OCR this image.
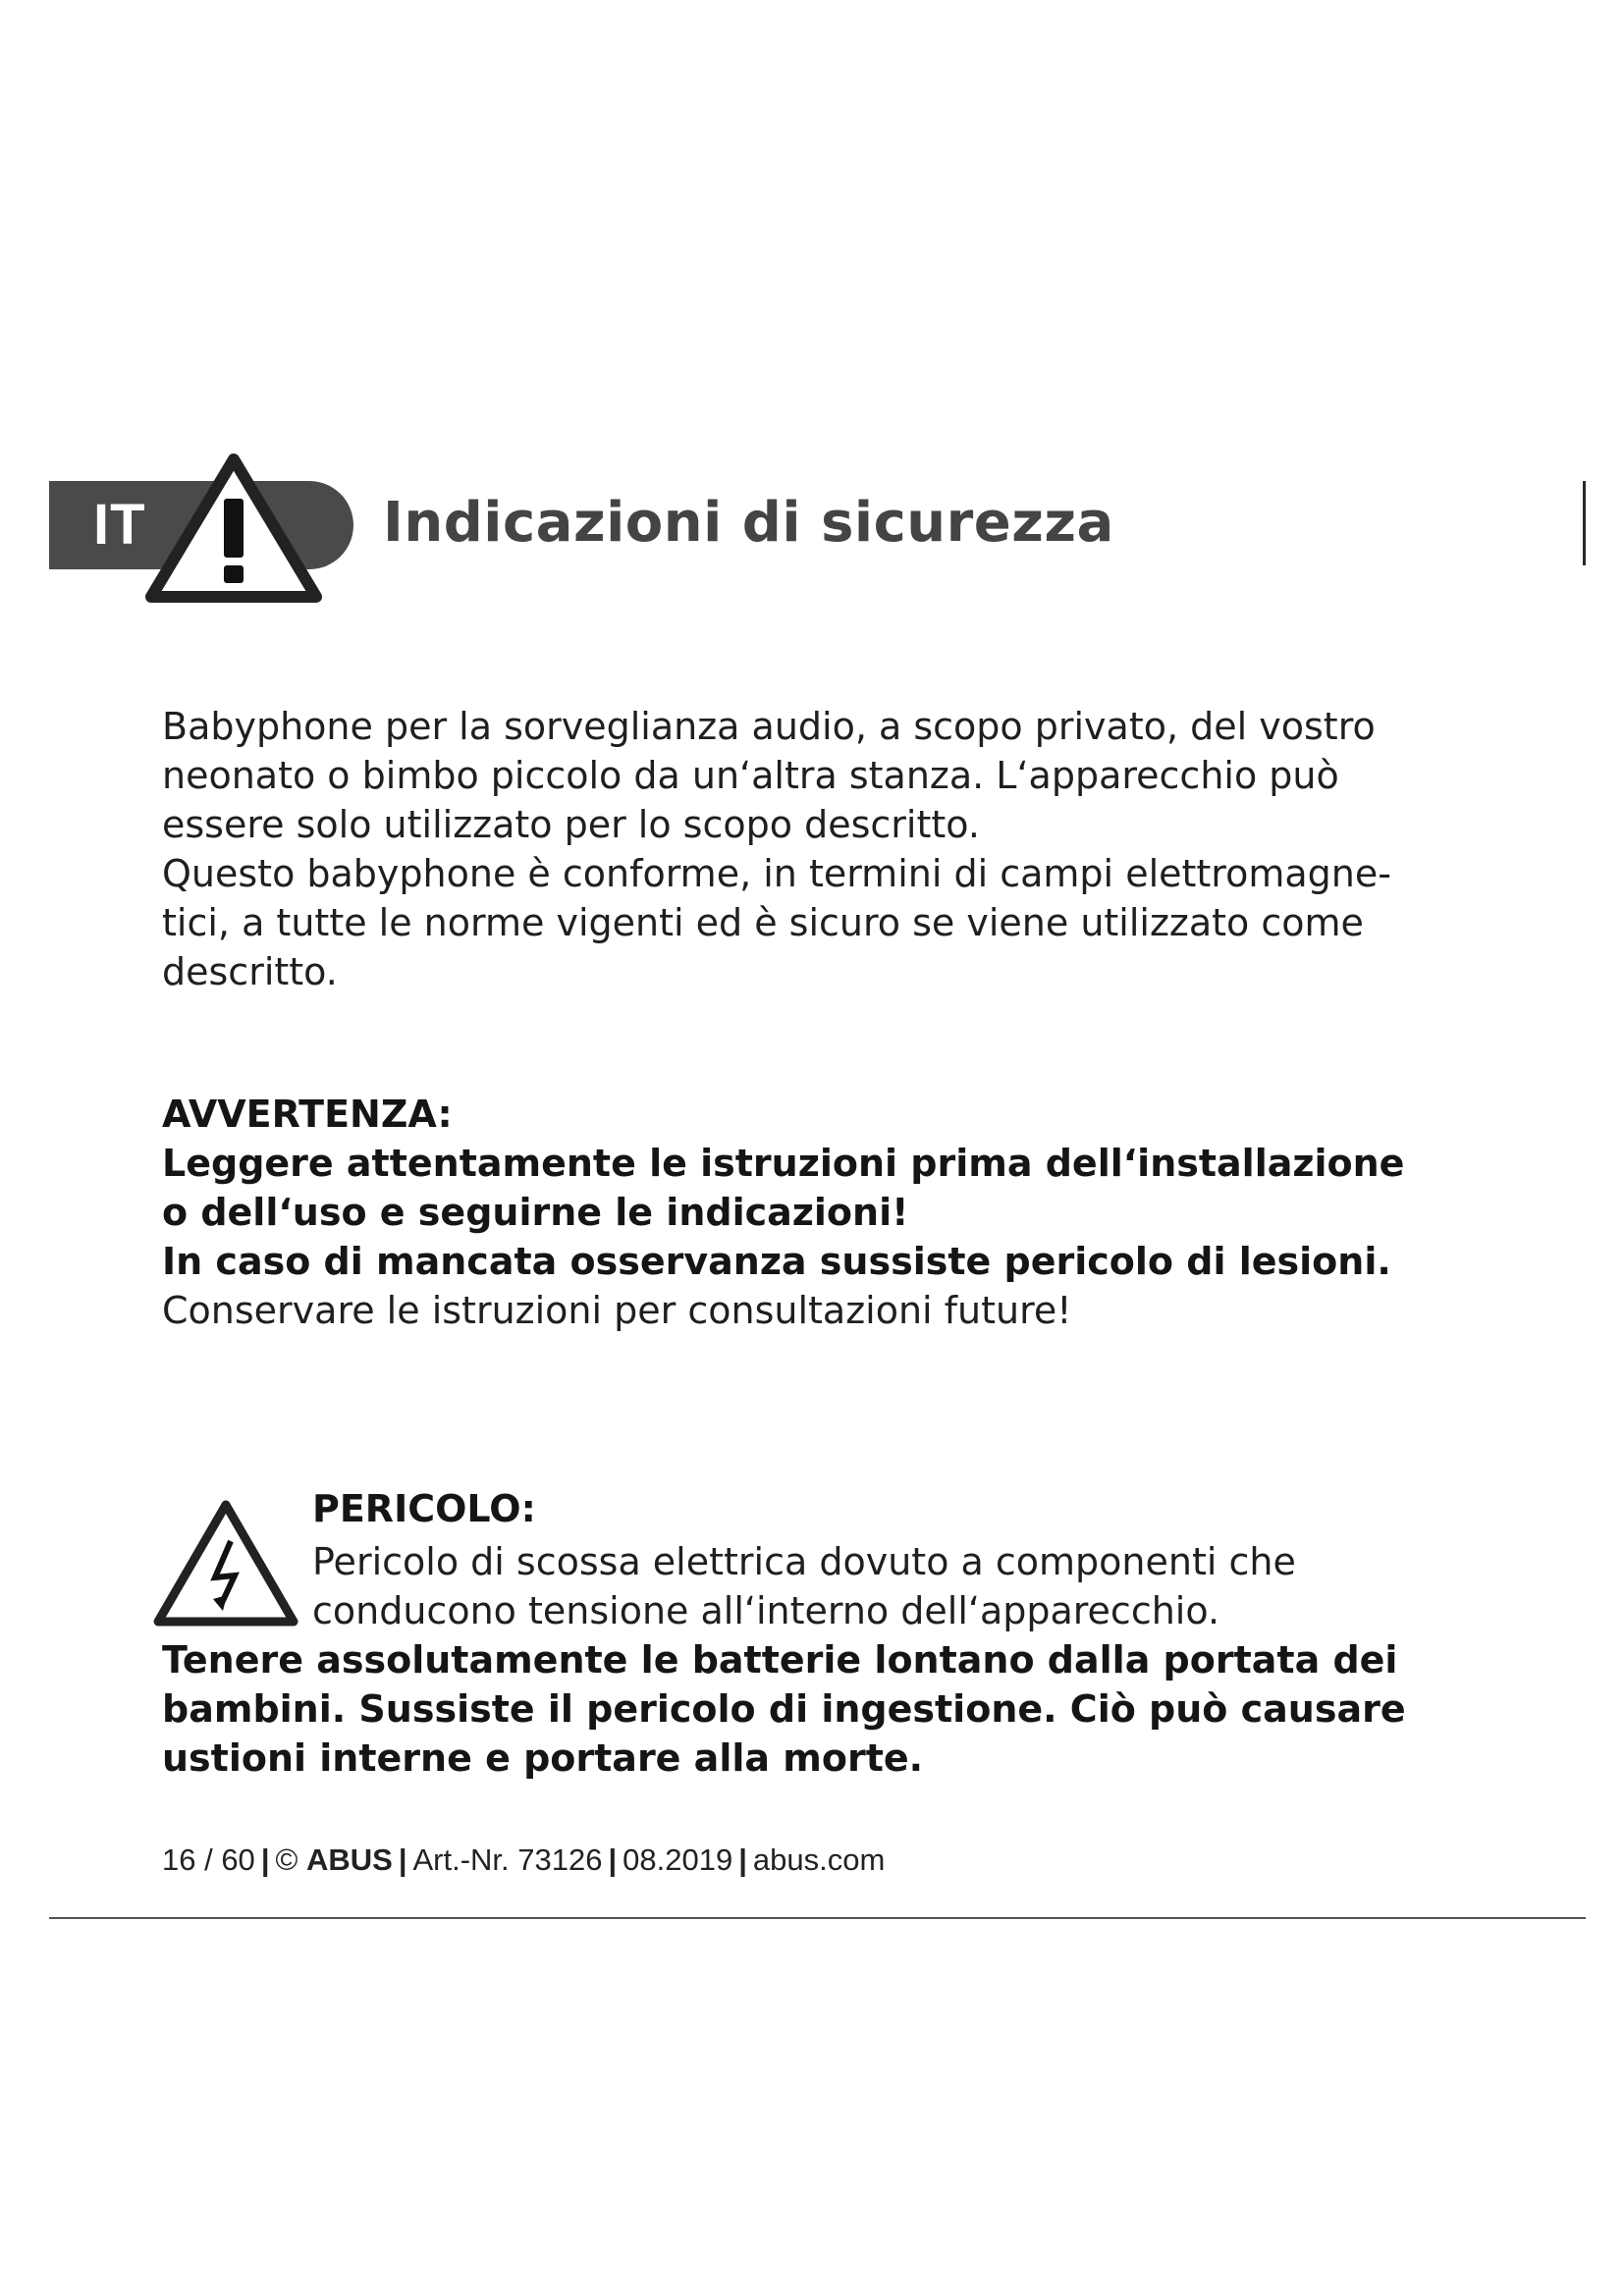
IT	Indicazioni di sicurezza

Babyphone per la sorveglianza audio, a scopo privato, del vostro

neonato o bimbo piccolo da un‘altra stanza. L‘apparecchio può

essere solo utilizzato per lo scopo descritto.

Questo babyphone è conforme, in termini di campi elettromagne-

tici, a tutte le norme vigenti ed è sicuro se viene utilizzato come

descritto.

AVVERTENZA:
Leggere attentamente le istruzioni prima dell‘installazione
o dell‘uso e seguirne le indicazioni!
In caso di mancata osservanza sussiste pericolo di lesioni.
Conservare le istruzioni per consultazioni future!
PERICOLO:
Pericolo di scossa elettrica dovuto a componenti che
conducono tensione all‘interno dell‘apparecchio.
Tenere assolutamente le batterie lontano dalla portata dei
bambini. Sussiste il pericolo di ingestione. Ciò può causare
ustioni interne e portare alla morte.
16 / 60 | © ABUS | Art.-Nr. 73126 | 08.2019 | abus.com
